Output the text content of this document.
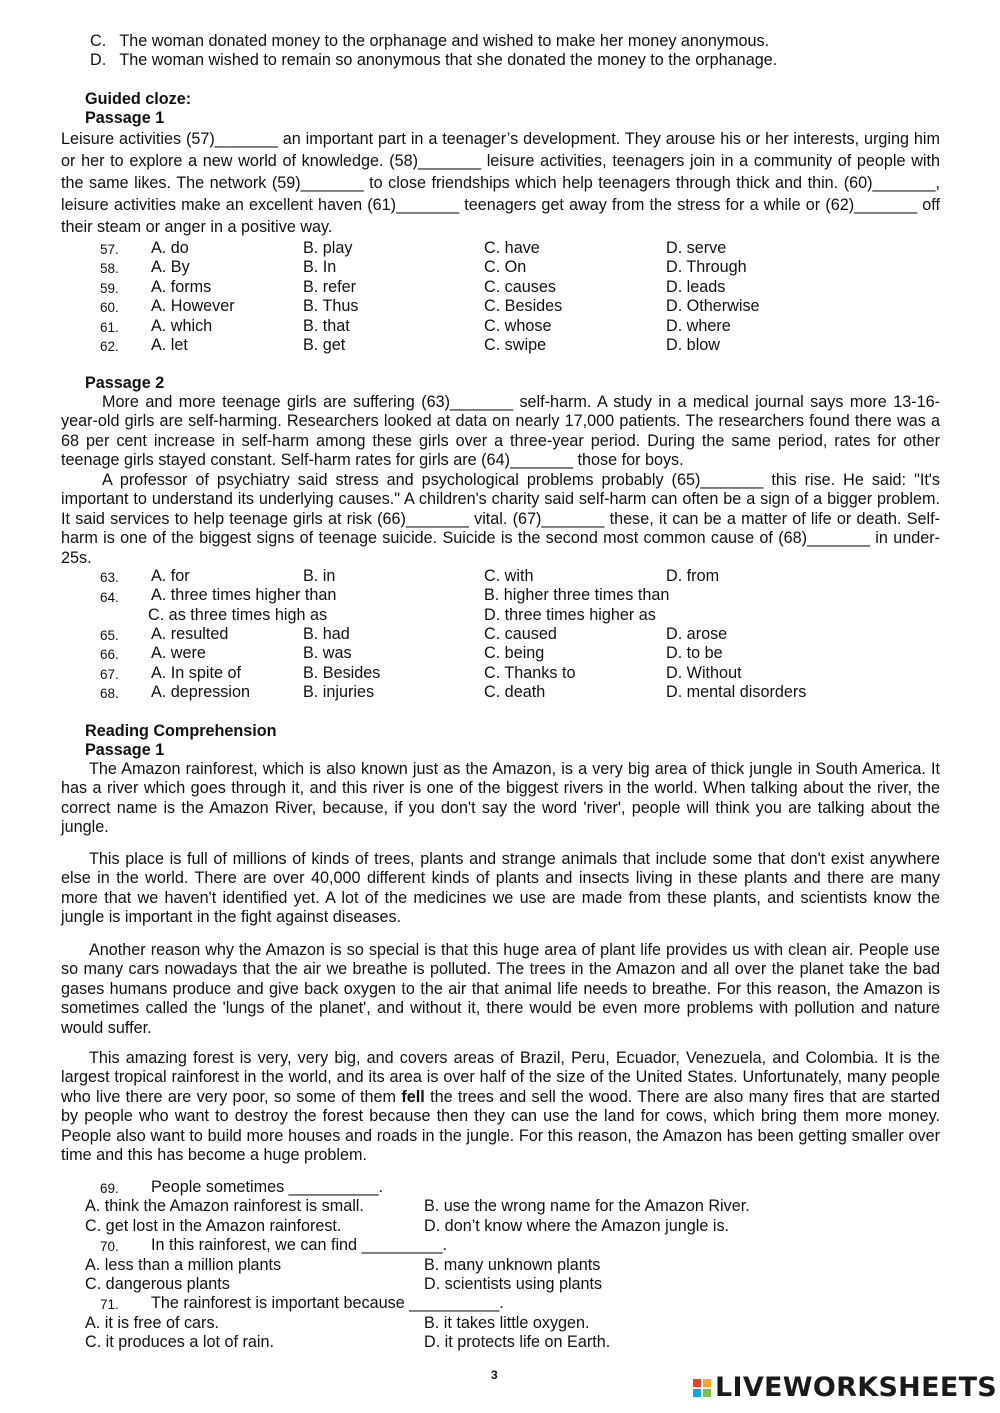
C.   The woman donated money to the orphanage and wished to make her money anonymous.
D.   The woman wished to remain so anonymous that she donated the money to the orphanage.
Guided cloze:
Passage 1
Leisure activities (57)_______ an important part in a teenager’s development. They arouse his or her interests, urging him or her to explore a new world of knowledge. (58)_______ leisure activities, teenagers join in a community of people with the same likes. The network (59)_______ to close friendships which help teenagers through thick and thin. (60)_______, leisure activities make an excellent haven (61)_______ teenagers get away from the stress for a while or (62)_______ off their steam or anger in a positive way.
57. A. do	B. play	C. have	D. serve
58. A. By	B. In	C. On	D. Through
59. A. forms	B. refer	C. causes	D. leads
60. A. However	B. Thus	C. Besides	D. Otherwise
61. A. which	B. that	C. whose	D. where
62. A. let	B. get	C. swipe	D. blow
Passage 2
More and more teenage girls are suffering (63)_______ self-harm. A study in a medical journal says more 13-16-year-old girls are self-harming. Researchers looked at data on nearly 17,000 patients. The researchers found there was a 68 per cent increase in self-harm among these girls over a three-year period. During the same period, rates for other teenage girls stayed constant. Self-harm rates for girls are (64)_______ those for boys.
A professor of psychiatry said stress and psychological problems probably (65)_______ this rise. He said: "It's important to understand its underlying causes." A children's charity said self-harm can often be a sign of a bigger problem. It said services to help teenage girls at risk (66)_______ vital. (67)_______ these, it can be a matter of life or death. Self-harm is one of the biggest signs of teenage suicide. Suicide is the second most common cause of (68)_______ in under-25s.
63. A. for	B. in	C. with	D. from
64. A. three times higher than	B. higher three times than
C. as three times high as	D. three times higher as
65. A. resulted	B. had	C. caused	D. arose
66. A. were	B. was	C. being	D. to be
67. A. In spite of	B. Besides	C. Thanks to	D. Without
68. A. depression	B. injuries	C. death	D. mental disorders
Reading Comprehension
Passage 1
The Amazon rainforest, which is also known just as the Amazon, is a very big area of thick jungle in South America. It has a river which goes through it, and this river is one of the biggest rivers in the world. When talking about the river, the correct name is the Amazon River, because, if you don't say the word 'river', people will think you are talking about the jungle.
This place is full of millions of kinds of trees, plants and strange animals that include some that don't exist anywhere else in the world. There are over 40,000 different kinds of plants and insects living in these plants and there are many more that we haven't identified yet. A lot of the medicines we use are made from these plants, and scientists know the jungle is important in the fight against diseases.
Another reason why the Amazon is so special is that this huge area of plant life provides us with clean air. People use so many cars nowadays that the air we breathe is polluted. The trees in the Amazon and all over the planet take the bad gases humans produce and give back oxygen to the air that animal life needs to breathe. For this reason, the Amazon is sometimes called the 'lungs of the planet', and without it, there would be even more problems with pollution and nature would suffer.
This amazing forest is very, very big, and covers areas of Brazil, Peru, Ecuador, Venezuela, and Colombia. It is the largest tropical rainforest in the world, and its area is over half of the size of the United States. Unfortunately, many people who live there are very poor, so some of them fell the trees and sell the wood. There are also many fires that are started by people who want to destroy the forest because then they can use the land for cows, which bring them more money. People also want to build more houses and roads in the jungle. For this reason, the Amazon has been getting smaller over time and this has become a huge problem.
69. People sometimes __________.
A. think the Amazon rainforest is small.	B. use the wrong name for the Amazon River.
C. get lost in the Amazon rainforest.	D. don’t know where the Amazon jungle is.
70. In this rainforest, we can find _________.
A. less than a million plants	B. many unknown plants
C. dangerous plants	D. scientists using plants
71. The rainforest is important because __________.
A. it is free of cars.	B. it takes little oxygen.
C. it produces a lot of rain.	D. it protects life on Earth.
3	LIVEWORKSHEETS
